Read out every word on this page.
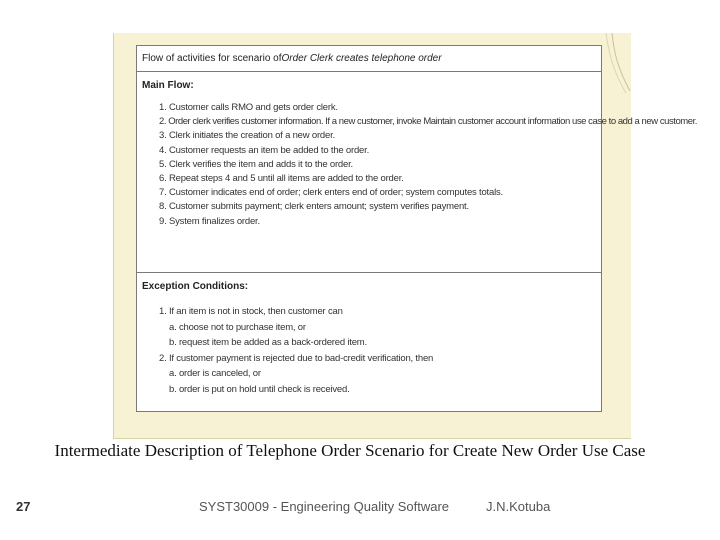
Flow of activities for scenario of Order Clerk creates telephone order
Main Flow:
1. Customer calls RMO and gets order clerk.
2. Order clerk verifies customer information. If a new customer, invoke Maintain customer account information use case to add a new customer.
3. Clerk initiates the creation of a new order.
4. Customer requests an item be added to the order.
5. Clerk verifies the item and adds it to the order.
6. Repeat steps 4 and 5 until all items are added to the order.
7. Customer indicates end of order; clerk enters end of order; system computes totals.
8. Customer submits payment; clerk enters amount; system verifies payment.
9. System finalizes order.
Exception Conditions:
1. If an item is not in stock, then customer can
a. choose not to purchase item, or
b. request item be added as a back-ordered item.
2. If customer payment is rejected due to bad-credit verification, then
a. order is canceled, or
b. order is put on hold until check is received.
Intermediate Description of Telephone Order Scenario for Create New Order Use Case
27	SYST30009 - Engineering Quality Software	J.N.Kotuba
